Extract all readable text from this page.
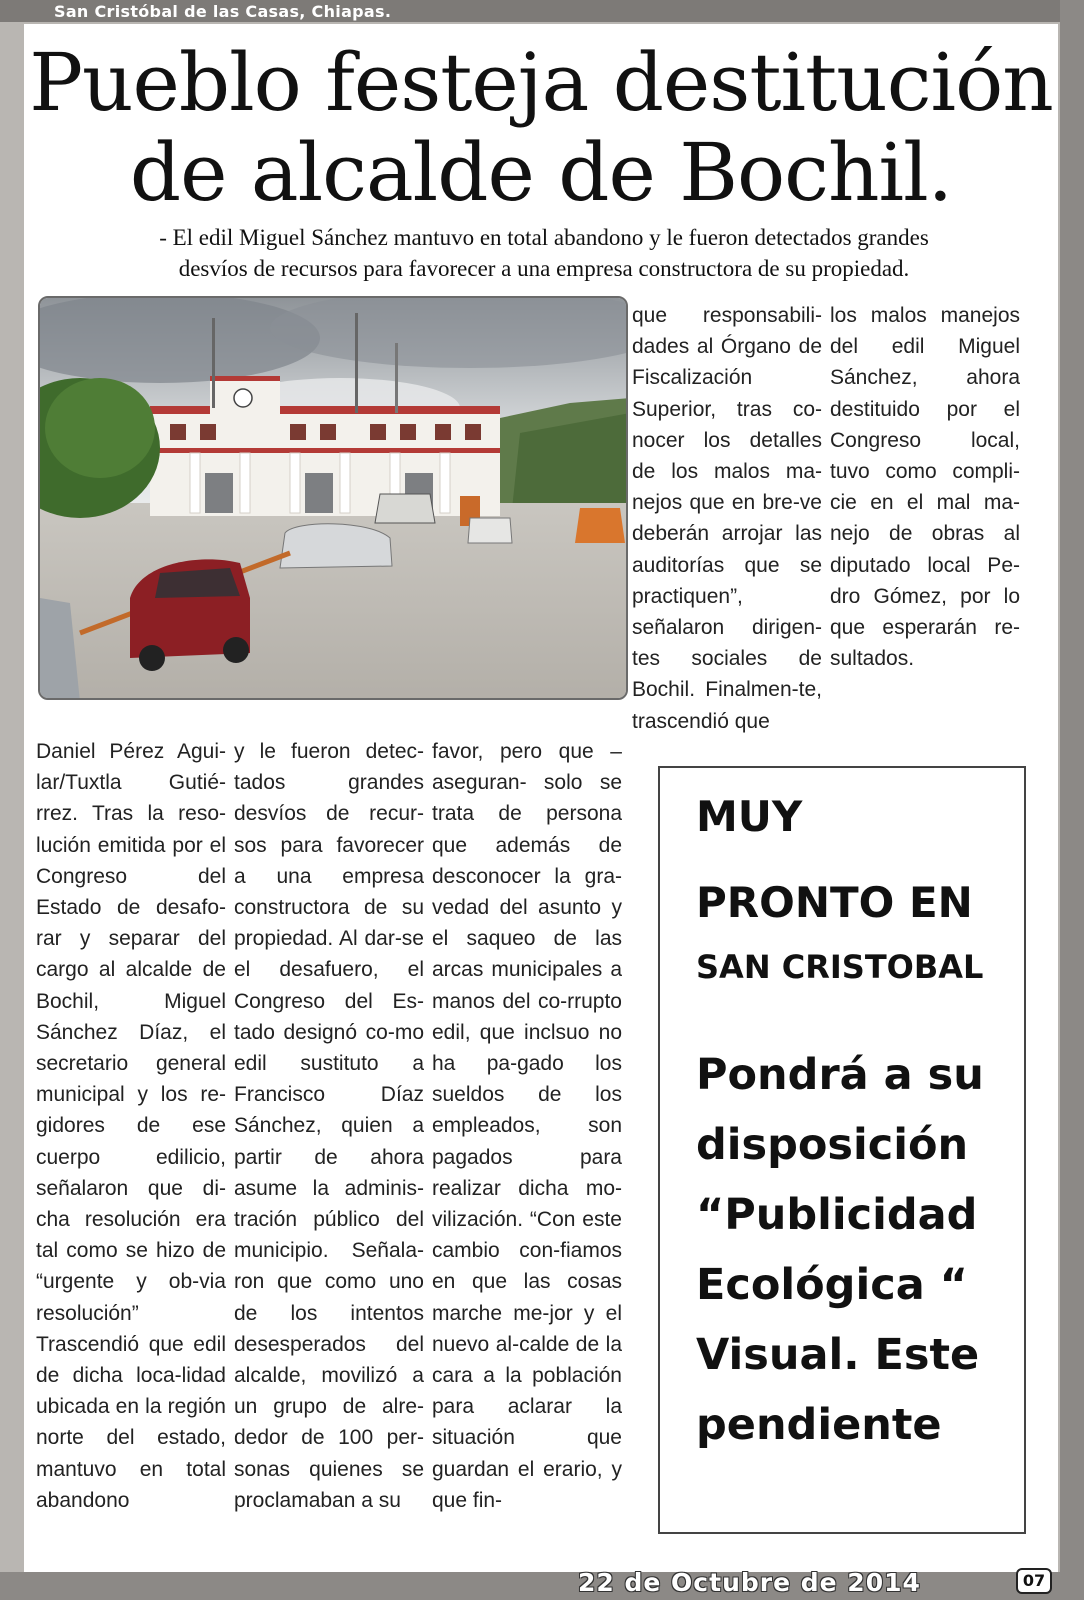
San Cristóbal de las Casas, Chiapas.
Pueblo festeja destitución
de alcalde de Bochil.
- El edil Miguel Sánchez mantuvo en total abandono y le fueron detectados grandes
desvíos de recursos para favorecer a una empresa constructora de su propiedad.
que responsabili-dades al Órgano de Fiscalización Superior, tras co-nocer los detalles de los malos ma-nejos que en bre-ve deberán arrojar las auditorías que se practiquen”, señalaron dirigen-tes sociales de Bochil. Finalmen-te, trascendió que
los malos manejos del edil Miguel Sánchez, ahora destituido por el Congreso local, tuvo como compli-cie en el mal ma-nejo de obras al diputado local Pe-dro Gómez, por lo que esperarán re-sultados.
Daniel Pérez Agui-lar/Tuxtla Gutié-rrez. Tras la reso-lución emitida por el Congreso del Estado de desafo-rar y separar del cargo al alcalde de Bochil, Miguel Sánchez Díaz, el secretario general municipal y los re-gidores de ese cuerpo edilicio, señalaron que di-cha resolución era tal como se hizo de “urgente y ob-via resolución” Trascendió que edil de dicha loca-lidad ubicada en la región norte del estado, mantuvo en total abandono
y le fueron detec-tados grandes desvíos de recur-sos para favorecer a una empresa constructora de su propiedad. Al dar-se el desafuero, el Congreso del Es-tado designó co-mo edil sustituto a Francisco Díaz Sánchez, quien a partir de ahora asume la adminis-tración público del municipio. Señala-ron que como uno de los intentos desesperados del alcalde, movilizó a un grupo de alre-dedor de 100 per-sonas quienes se proclamaban a su
favor, pero que – aseguran- solo se trata de persona que además de desconocer la gra-vedad del asunto y el saqueo de las arcas municipales a manos del co-rrupto edil, que inclsuo no ha pa-gado los sueldos de los empleados, son pagados para realizar dicha mo-vilización. “Con este cambio con-fiamos en que las cosas marche me-jor y el nuevo al-calde de la cara a la población para aclarar la situación que guardan el erario, y que fin-
MUY
PRONTO EN
SAN CRISTOBAL
Pondrá a su disposición “Publicidad Ecológica “ Visual. Este pendiente
22 de Octubre de 2014	07
